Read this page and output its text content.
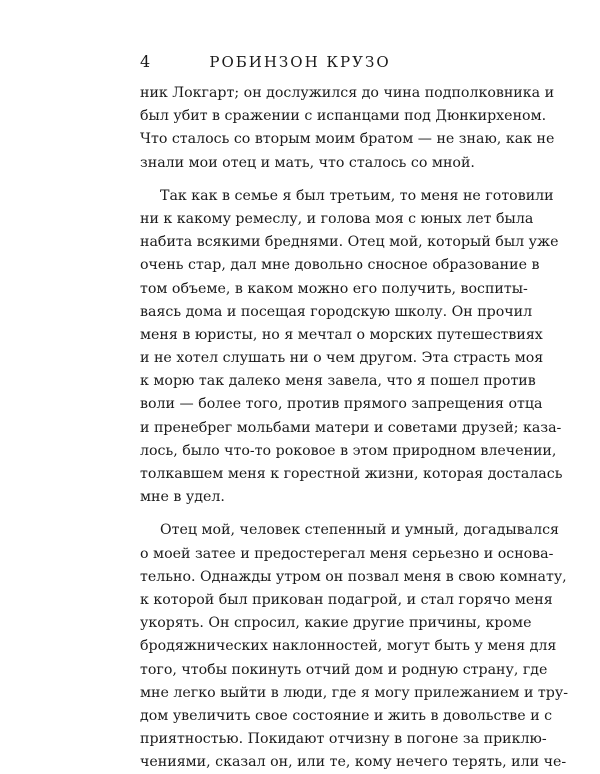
4	РОБИНЗОН КРУЗО
ник Локгарт; он дослужился до чина подполковника и
был убит в сражении с испанцами под Дюнкирхеном.
Что сталось со вторым моим братом — не знаю, как не
знали мои отец и мать, что сталось со мной.
Так как в семье я был третьим, то меня не готовили
ни к какому ремеслу, и голова моя с юных лет была
набита всякими бреднями. Отец мой, который был уже
очень стар, дал мне довольно сносное образование в
том объеме, в каком можно его получить, воспиты-
ваясь дома и посещая городскую школу. Он прочил
меня в юристы, но я мечтал о морских путешествиях
и не хотел слушать ни о чем другом. Эта страсть моя
к морю так далеко меня завела, что я пошел против
воли — более того, против прямого запрещения отца
и пренебрег мольбами матери и советами друзей; каза-
лось, было что-то роковое в этом природном влечении,
толкавшем меня к горестной жизни, которая досталась
мне в удел.
Отец мой, человек степенный и умный, догадывался
о моей затее и предостерегал меня серьезно и основа-
тельно. Однажды утром он позвал меня в свою комнату,
к которой был прикован подагрой, и стал горячо меня
укорять. Он спросил, какие другие причины, кроме
бродяжнических наклонностей, могут быть у меня для
того, чтобы покинуть отчий дом и родную страну, где
мне легко выйти в люди, где я могу прилежанием и тру-
дом увеличить свое состояние и жить в довольстве и с
приятностью. Покидают отчизну в погоне за приклю-
чениями, сказал он, или те, кому нечего терять, или че-
